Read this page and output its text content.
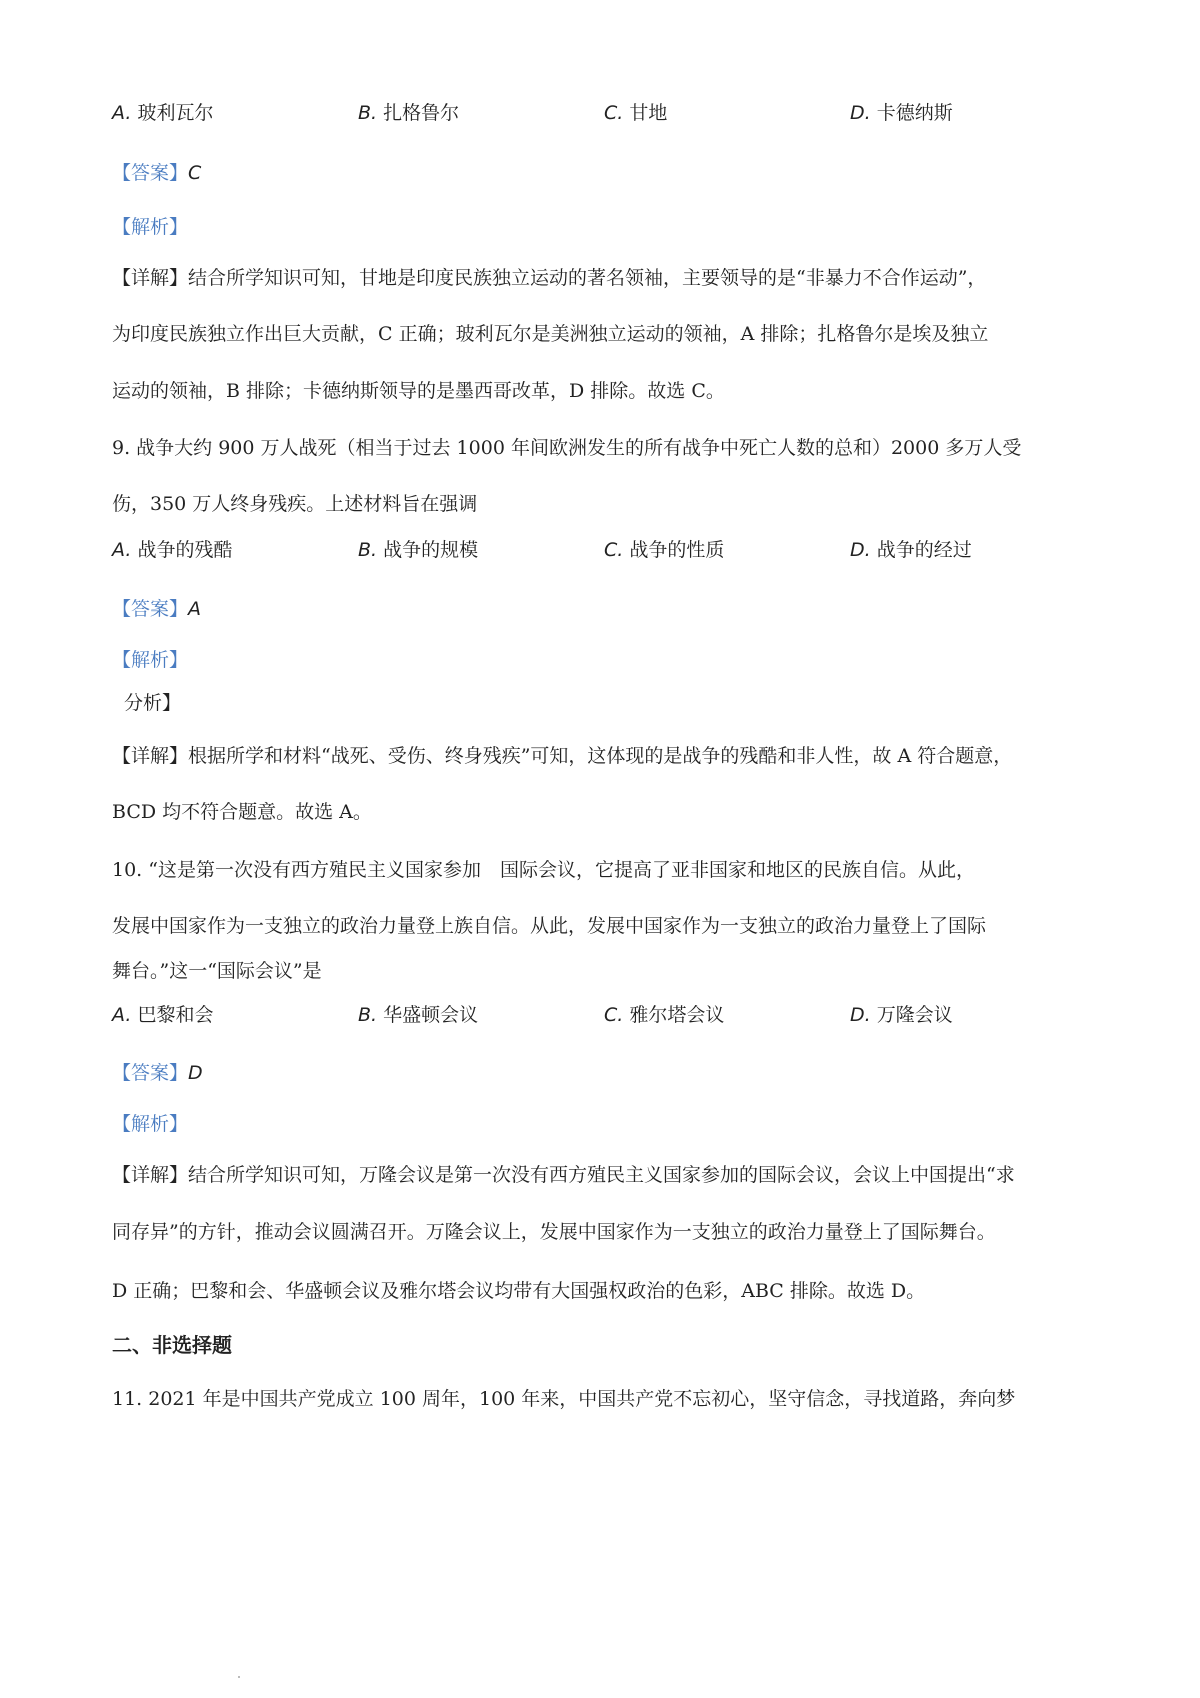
A. 玻利瓦尔	B. 扎格鲁尔	C. 甘地	D. 卡德纳斯
【答案】C
【解析】
【详解】结合所学知识可知，甘地是印度民族独立运动的著名领袖，主要领导的是“非暴力不合作运动”，
为印度民族独立作出巨大贡献，C 正确；玻利瓦尔是美洲独立运动的领袖，A 排除；扎格鲁尔是埃及独立
运动的领袖，B 排除；卡德纳斯领导的是墨西哥改革，D 排除。故选 C。
9. 战争大约 900 万人战死（相当于过去 1000 年间欧洲发生的所有战争中死亡人数的总和）2000 多万人受
伤，350 万人终身残疾。上述材料旨在强调
A. 战争的残酷	B. 战争的规模	C. 战争的性质	D. 战争的经过
【答案】A
【解析】
分析】
【详解】根据所学和材料“战死、受伤、终身残疾”可知，这体现的是战争的残酷和非人性，故 A 符合题意，
BCD 均不符合题意。故选 A。
10. “这是第一次没有西方殖民主义国家参加　国际会议，它提高了亚非国家和地区的民族自信。从此，
发展中国家作为一支独立的政治力量登上族自信。从此，发展中国家作为一支独立的政治力量登上了国际
舞台。”这一“国际会议”是
A. 巴黎和会	B. 华盛顿会议	C. 雅尔塔会议	D. 万隆会议
【答案】D
【解析】
【详解】结合所学知识可知，万隆会议是第一次没有西方殖民主义国家参加的国际会议，会议上中国提出“求
同存异”的方针，推动会议圆满召开。万隆会议上，发展中国家作为一支独立的政治力量登上了国际舞台。
D 正确；巴黎和会、华盛顿会议及雅尔塔会议均带有大国强权政治的色彩，ABC 排除。故选 D。
二、非选择题
11. 2021 年是中国共产党成立 100 周年，100 年来，中国共产党不忘初心，坚守信念，寻找道路，奔向梦
